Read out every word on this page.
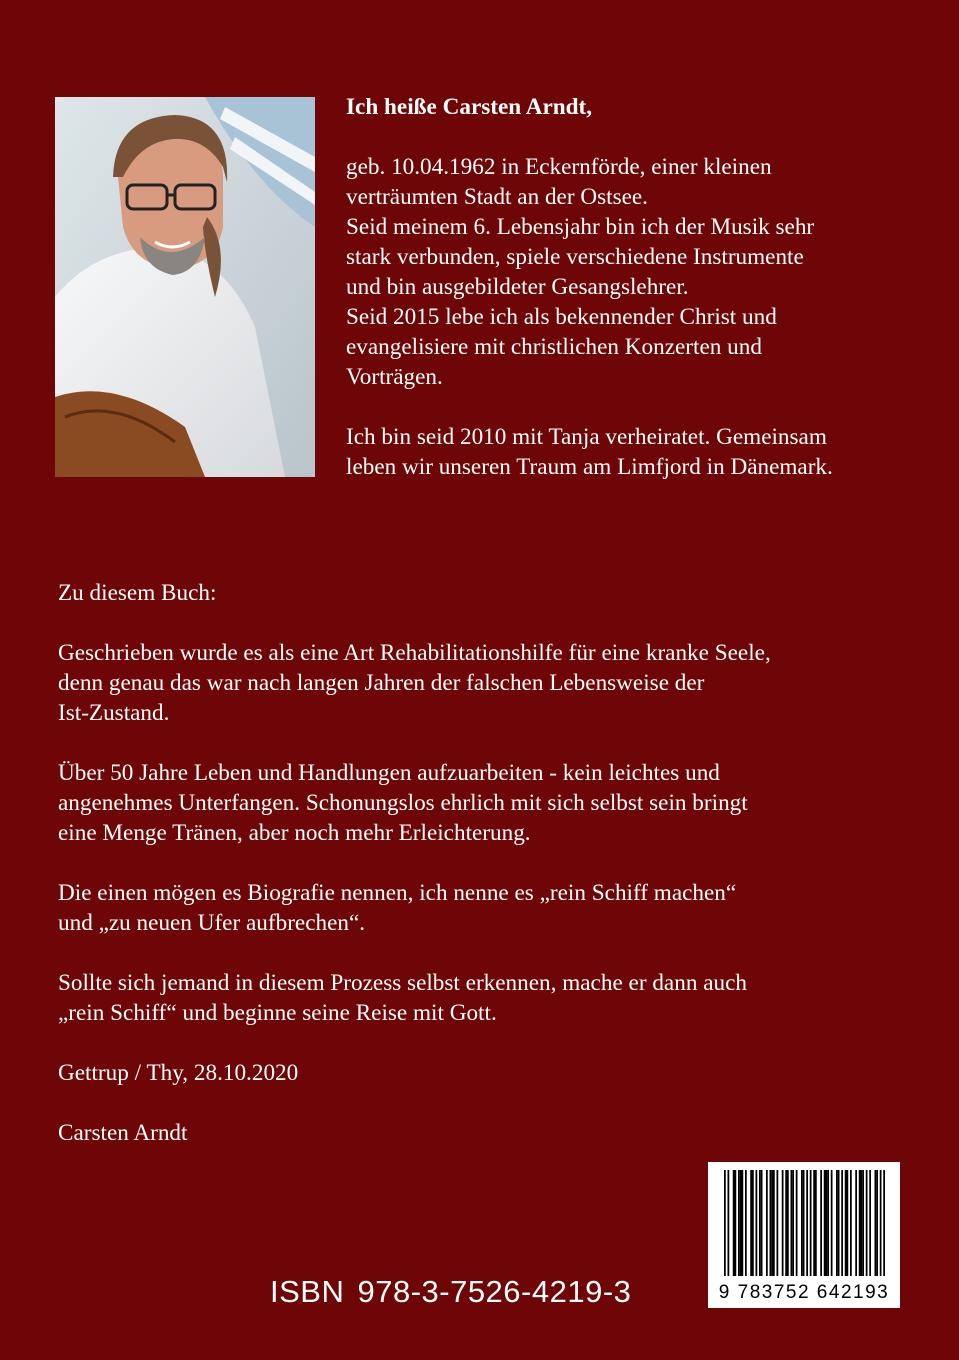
Ich heiße Carsten Arndt,

geb. 10.04.1962 in Eckernförde, einer kleinen

verträumten Stadt an der Ostsee.

Seid meinem 6. Lebensjahr bin ich der Musik sehr

stark verbunden, spiele verschiedene Instrumente

und bin ausgebildeter Gesangslehrer.

Seid 2015 lebe ich als bekennender Christ und

evangelisiere mit christlichen Konzerten und

Vorträgen.

Ich bin seid 2010 mit Tanja verheiratet. Gemeinsam

leben wir unseren Traum am Limfjord in Dänemark.

Zu diesem Buch:

Geschrieben wurde es als eine Art Rehabilitationshilfe für eine kranke Seele,

denn genau das war nach langen Jahren der falschen Lebensweise der

Ist-Zustand.

Über 50 Jahre Leben und Handlungen aufzuarbeiten - kein leichtes und

angenehmes Unterfangen. Schonungslos ehrlich mit sich selbst sein bringt

eine Menge Tränen, aber noch mehr Erleichterung.

Die einen mögen es Biografie nennen, ich nenne es „rein Schiff machen“

und „zu neuen Ufer aufbrechen“.

Sollte sich jemand in diesem Prozess selbst erkennen, mache er dann auch

„rein Schiff“ und beginne seine Reise mit Gott.

Gettrup / Thy, 28.10.2020

Carsten Arndt

9 783752 642193
ISBN 978-3-7526-4219-3
